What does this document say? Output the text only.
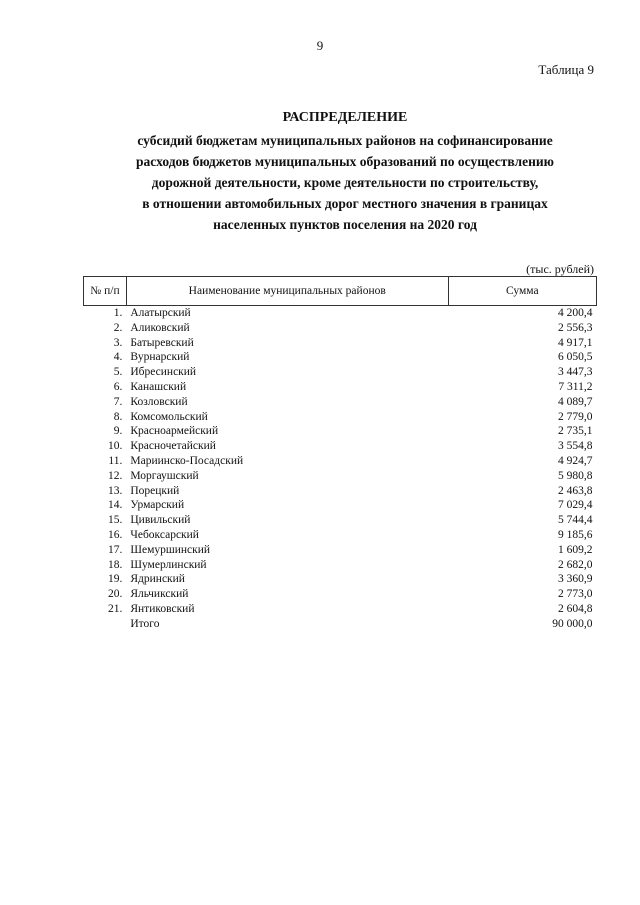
9
Таблица 9
РАСПРЕДЕЛЕНИЕ
субсидий бюджетам муниципальных районов на софинансирование
расходов бюджетов муниципальных образований по осуществлению
дорожной деятельности, кроме деятельности по строительству,
в отношении автомобильных дорог местного значения в границах
населенных пунктов поселения на 2020 год
(тыс. рублей)
№ п/п	Наименование муниципальных районов	Сумма
1.	Алатырский	4 200,4
2.	Аликовский	2 556,3
3.	Батыревский	4 917,1
4.	Вурнарский	6 050,5
5.	Ибресинский	3 447,3
6.	Канашский	7 311,2
7.	Козловский	4 089,7
8.	Комсомольский	2 779,0
9.	Красноармейский	2 735,1
10.	Красночетайский	3 554,8
11.	Мариинско-Посадский	4 924,7
12.	Моргаушский	5 980,8
13.	Порецкий	2 463,8
14.	Урмарский	7 029,4
15.	Цивильский	5 744,4
16.	Чебоксарский	9 185,6
17.	Шемуршинский	1 609,2
18.	Шумерлинский	2 682,0
19.	Ядринский	3 360,9
20.	Яльчикский	2 773,0
21.	Янтиковский	2 604,8
	Итого	90 000,0
